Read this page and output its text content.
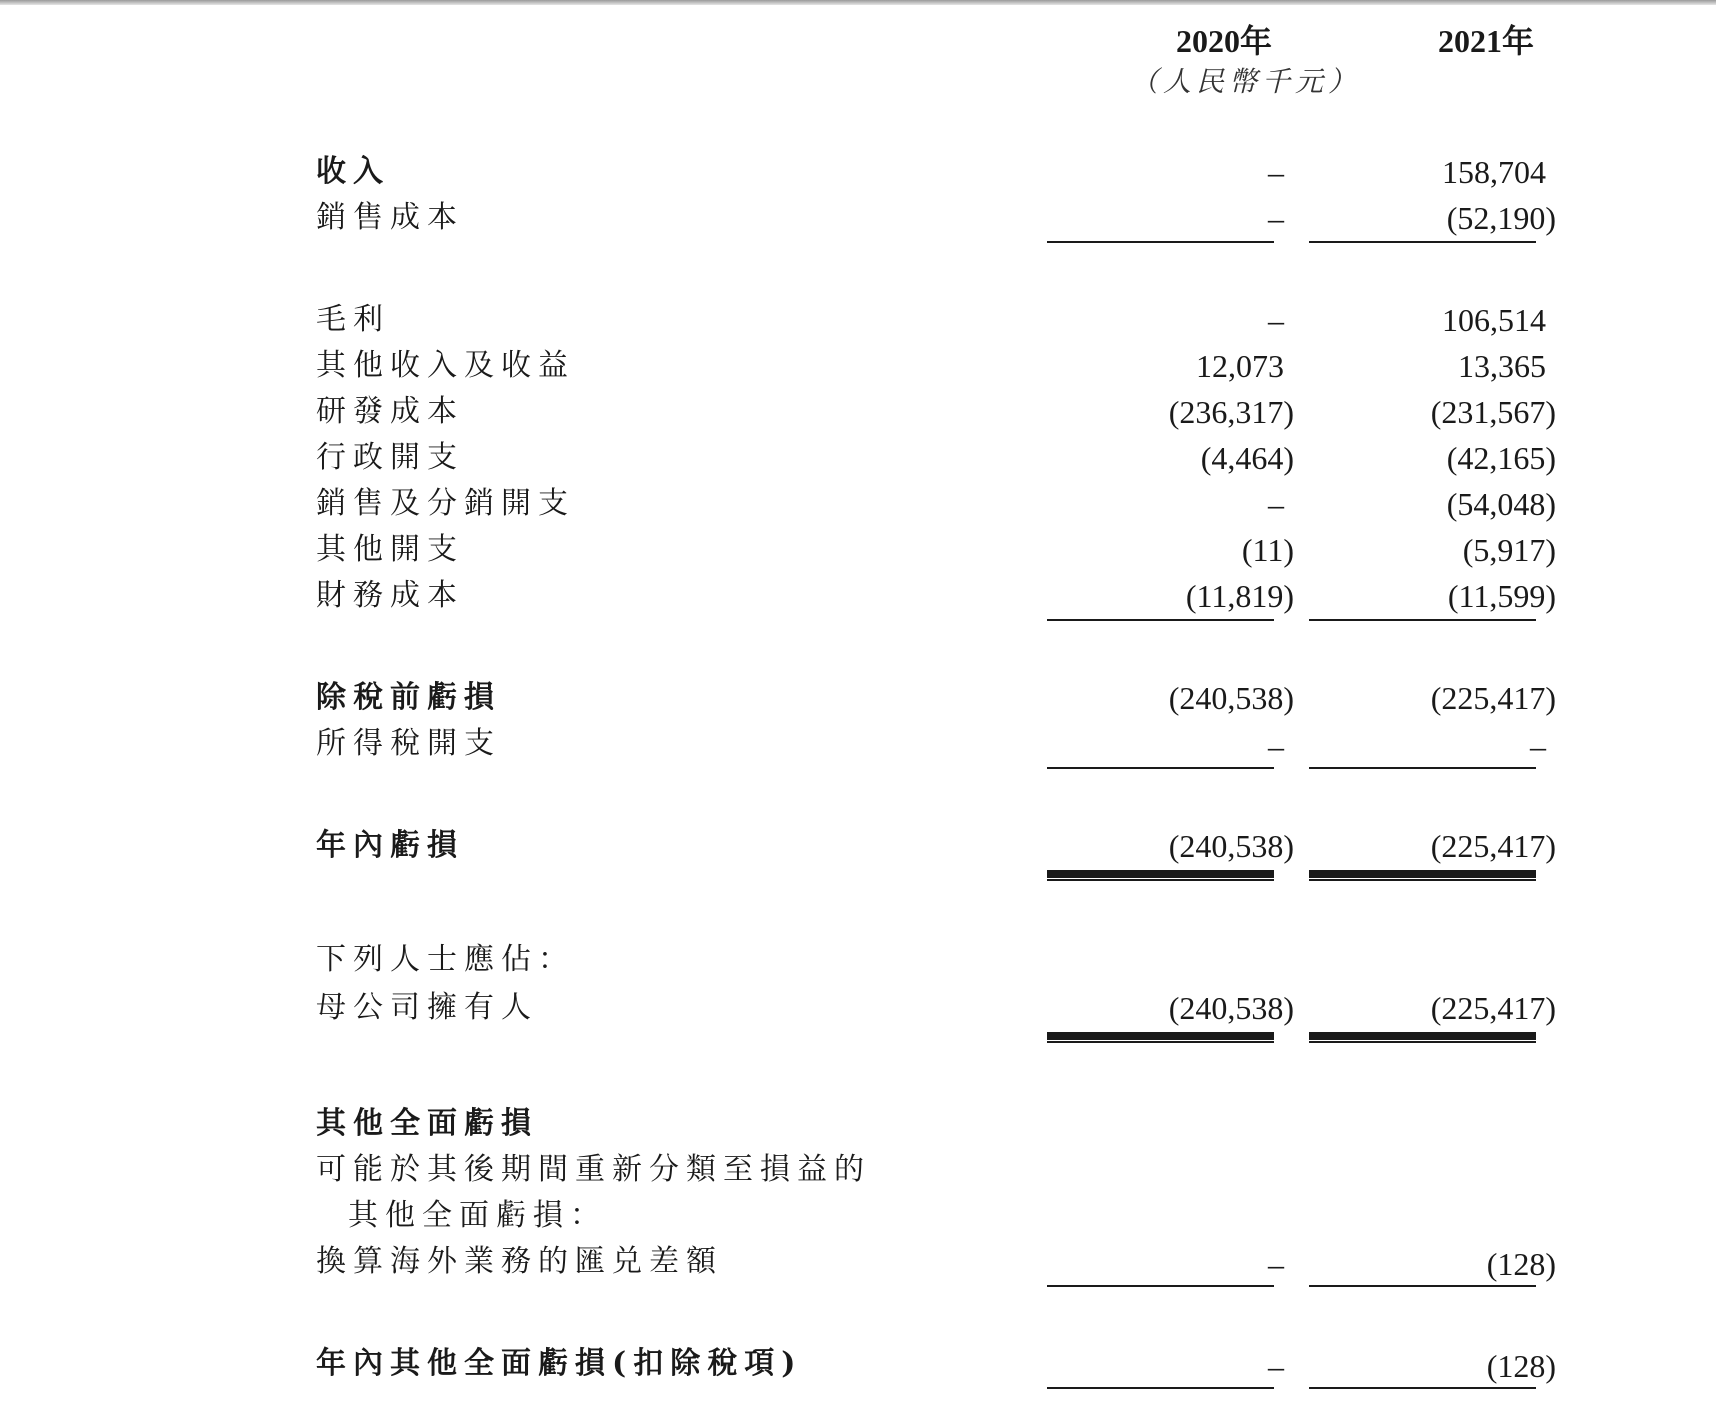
2020年	2021年
（人民幣千元）
收入	–	158,704
銷售成本	–	(52,190)
毛利	–	106,514
其他收入及收益	12,073	13,365
研發成本	(236,317)	(231,567)
行政開支	(4,464)	(42,165)
銷售及分銷開支	–	(54,048)
其他開支	(11)	(5,917)
財務成本	(11,819)	(11,599)
除稅前虧損	(240,538)	(225,417)
所得稅開支	–	–
年內虧損	(240,538)	(225,417)
下列人士應佔：
母公司擁有人	(240,538)	(225,417)
其他全面虧損
可能於其後期間重新分類至損益的
其他全面虧損：
換算海外業務的匯兑差額	–	(128)
年內其他全面虧損(扣除稅項)	–	(128)
